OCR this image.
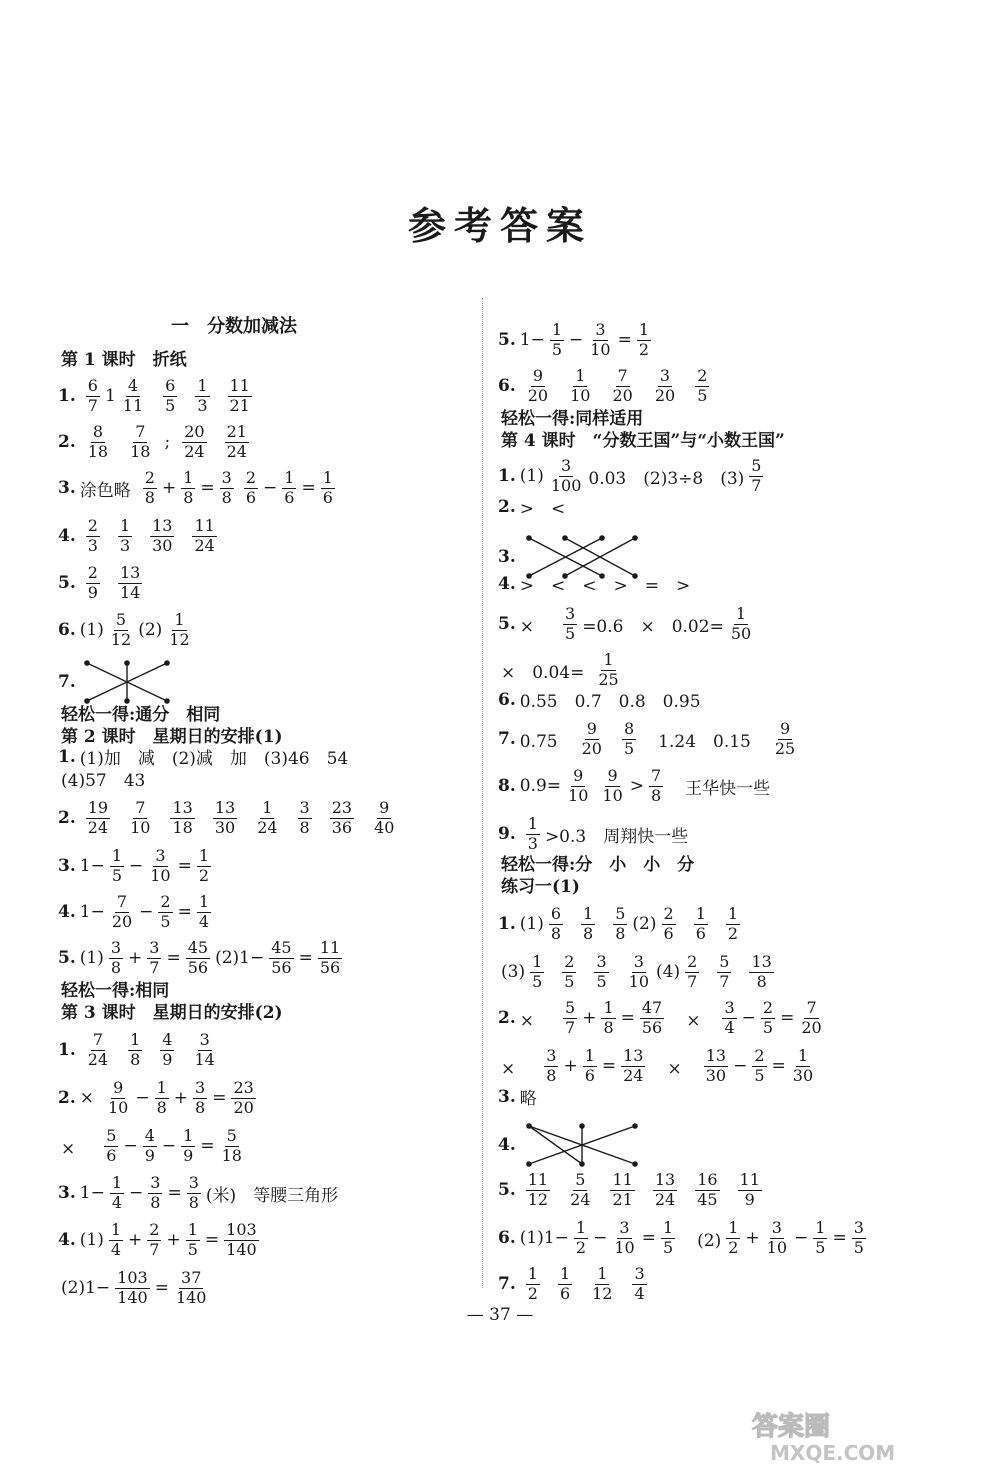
参考答案
一　分数加减法
第 1 课时　折纸
1. $\frac{6}{7} 1 \frac{4}{11} \frac{6}{5} \frac{1}{3} \frac{11}{21}$
2. $\frac{8}{18} \frac{7}{18}$ ; $\frac{20}{24} \frac{21}{24}$
3. 涂色略 $\frac{2}{8} + \frac{1}{8} = \frac{3}{8} \frac{2}{6} - \frac{1}{6} = \frac{1}{6}$
4. $\frac{2}{3} \frac{1}{3} \frac{13}{30} \frac{11}{24}$
5. $\frac{2}{9} \frac{13}{14}$
6. $(1) \frac{5}{12} (2) \frac{1}{12}$
7.
轻松一得:通分　相同
第 2 课时　星期日的安排(1)
1. (1)加　减　(2)减　加　(3)46　54
(4)57　43
2. $\frac{19}{24} \frac{7}{10} \frac{13}{18} \frac{13}{30} \frac{1}{24} \frac{3}{8} \frac{23}{36} \frac{9}{40}$
3. $1- \frac{1}{5} - \frac{3}{10} = \frac{1}{2}$
4. $1- \frac{7}{20} - \frac{2}{5} = \frac{1}{4}$
5. $(1) \frac{3}{8} + \frac{3}{7} = \frac{45}{56} (2)1- \frac{45}{56} = \frac{11}{56}$
轻松一得:相同
第 3 课时　星期日的安排(2)
1. $\frac{7}{24} \frac{1}{8} \frac{4}{9} \frac{3}{14}$
2. × $\frac{9}{10} - \frac{1}{8} + \frac{3}{8} = \frac{23}{20}$
×　 $\frac{5}{6} - \frac{4}{9} - \frac{1}{9} = \frac{5}{18}$
3. $1- \frac{1}{4} - \frac{3}{8} = \frac{3}{8}$ (米)　等腰三角形
4. $(1) \frac{1}{4} + \frac{2}{7} + \frac{1}{5} = \frac{103}{140}$
$(2)1- \frac{103}{140} = \frac{37}{140}$
5. $1- \frac{1}{5} - \frac{3}{10} = \frac{1}{2}$
6. $\frac{9}{20} \frac{1}{10} \frac{7}{20} \frac{3}{20} \frac{2}{5}$
轻松一得:同样适用
第 4 课时　“分数王国”与“小数王国”
1. $(1) \frac{3}{100} 0.03$　(2)3÷8　$(3) \frac{5}{7}$
2. >　<
3.
4. >　<　<　>　=　>
5. ×　 $\frac{3}{5} =0.6$　×　$0.02= \frac{1}{50}$
×　$0.04= \frac{1}{25}$
6. 0.55　0.7　0.8　0.95
7. 0.75　 $\frac{9}{20} \frac{8}{5}$ 　1.24　0.15　 $\frac{9}{25}$
8. $0.9= \frac{9}{10} \frac{9}{10} > \frac{7}{8}$ 　王华快一些
9. $\frac{1}{3} >0.3$　周翔快一些
轻松一得:分　小　小　分
练习一(1)
1. $(1) \frac{6}{8} \frac{1}{8} \frac{5}{8} (2) \frac{2}{6} \frac{1}{6} \frac{1}{2}$
$(3) \frac{1}{5} \frac{2}{5} \frac{3}{5} \frac{3}{10} (4) \frac{2}{7} \frac{5}{7} \frac{13}{8}$
2. ×　 $\frac{5}{7} + \frac{1}{8} = \frac{47}{56}$ 　×　 $\frac{3}{4} - \frac{2}{5} = \frac{7}{20}$
×　 $\frac{3}{8} + \frac{1}{6} = \frac{13}{24}$ 　×　 $\frac{13}{30} - \frac{2}{5} = \frac{1}{30}$
3. 略
4.
5. $\frac{11}{12} \frac{5}{24} \frac{11}{21} \frac{13}{24} \frac{16}{45} \frac{11}{9}$
6. $(1)1- \frac{1}{2} - \frac{3}{10} = \frac{1}{5}$ 　$(2) \frac{1}{2} + \frac{3}{10} - \frac{1}{5} = \frac{3}{5}$
7. $\frac{1}{2} \frac{1}{6} \frac{1}{12} \frac{3}{4}$
— 37 —
答案圈
MXQE.COM
